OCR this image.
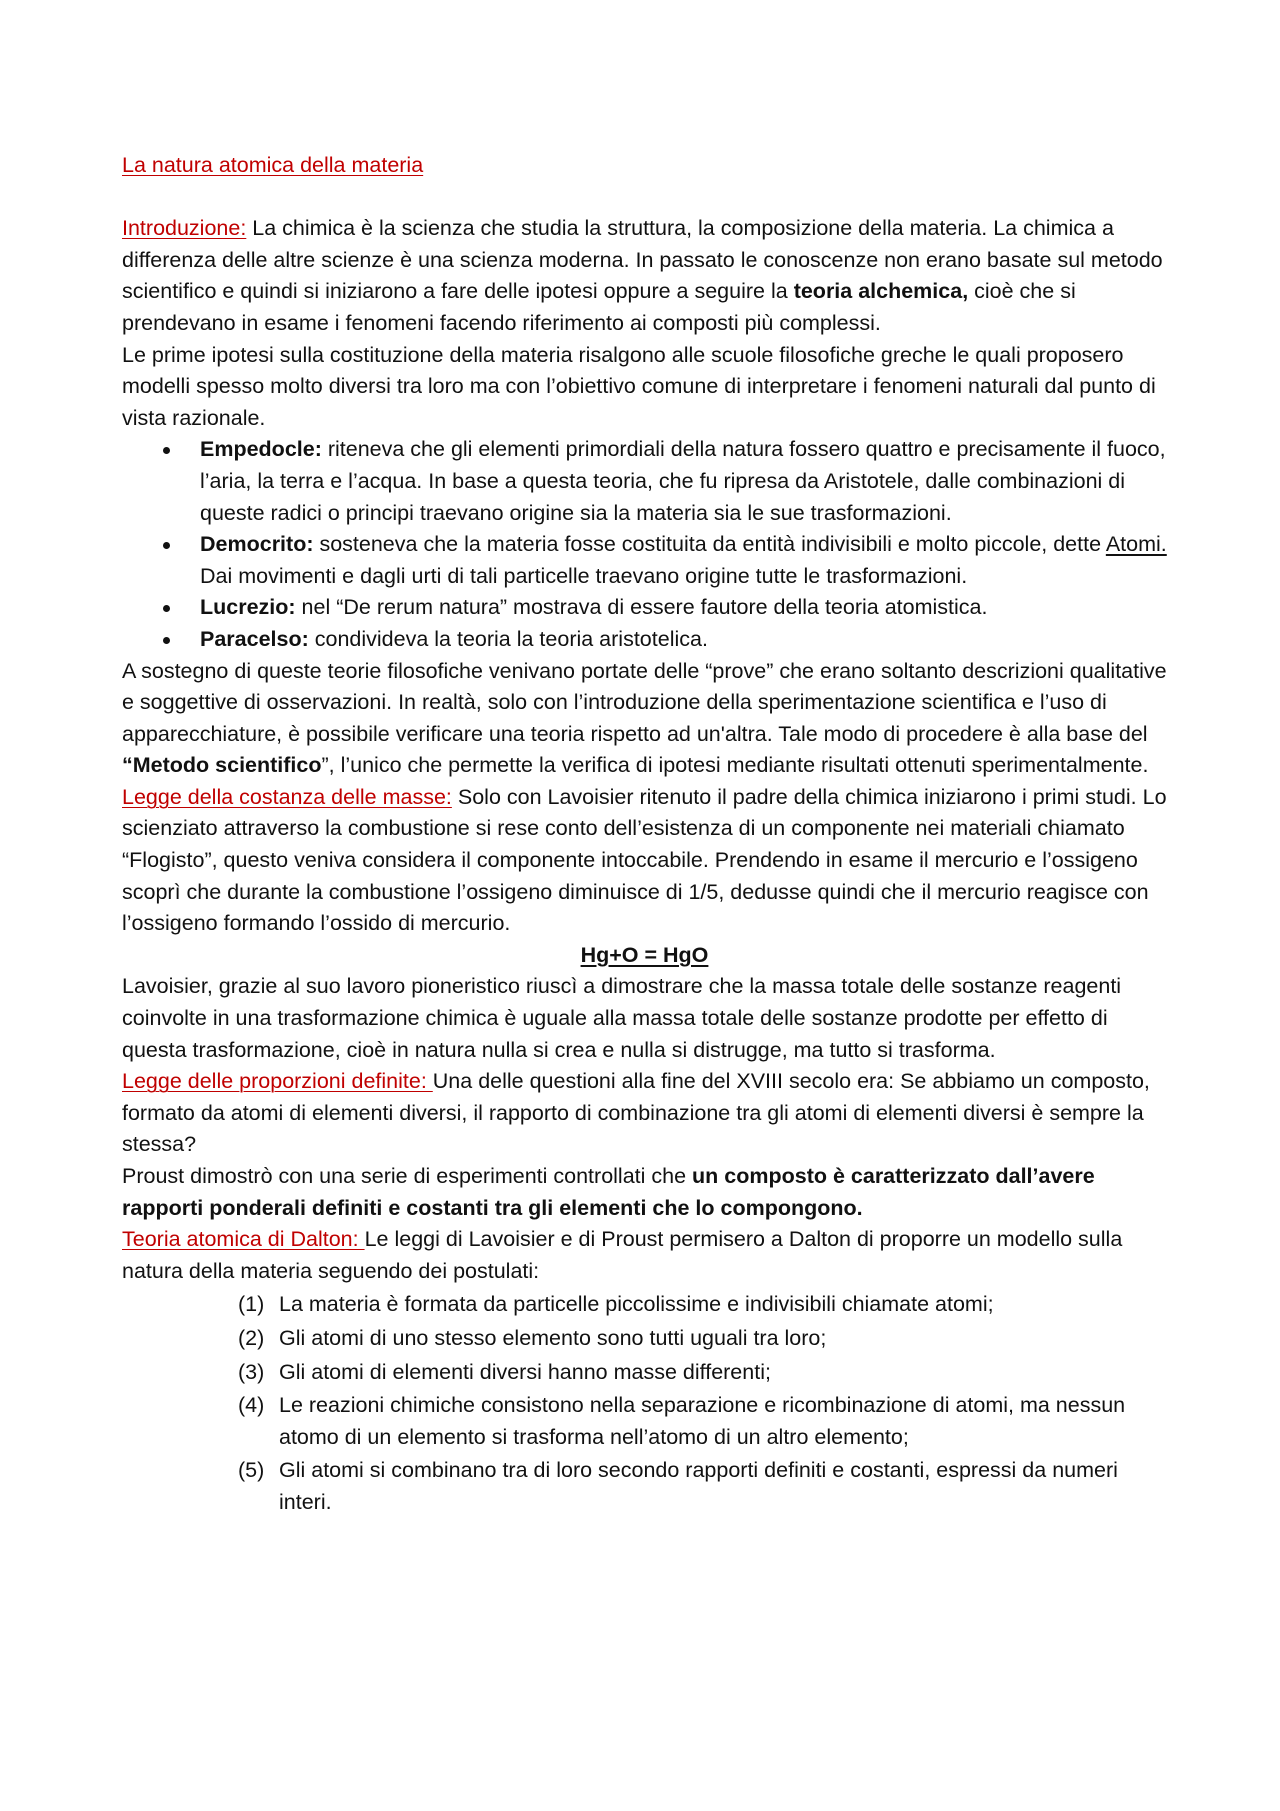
La natura atomica della materia

Introduzione: La chimica è la scienza che studia la struttura, la composizione della materia. La chimica a differenza delle altre scienze è una scienza moderna. In passato le conoscenze non erano basate sul metodo scientifico e quindi si iniziarono a fare delle ipotesi oppure a seguire la teoria alchemica, cioè che si prendevano in esame i fenomeni facendo riferimento ai composti più complessi.

Le prime ipotesi sulla costituzione della materia risalgono alle scuole filosofiche greche le quali proposero modelli spesso molto diversi tra loro ma con l’obiettivo comune di interpretare i fenomeni naturali dal punto di vista razionale.

Empedocle: riteneva che gli elementi primordiali della natura fossero quattro e precisamente il fuoco, l’aria, la terra e l’acqua. In base a questa teoria, che fu ripresa da Aristotele, dalle combinazioni di queste radici o principi traevano origine sia la materia sia le sue trasformazioni.
Democrito: sosteneva che la materia fosse costituita da entità indivisibili e molto piccole, dette Atomi. Dai movimenti e dagli urti di tali particelle traevano origine tutte le trasformazioni.
Lucrezio: nel “De rerum natura” mostrava di essere fautore della teoria atomistica.
Paracelso: condivideva la teoria la teoria aristotelica.

A sostegno di queste teorie filosofiche venivano portate delle “prove” che erano soltanto descrizioni qualitative e soggettive di osservazioni. In realtà, solo con l’introduzione della sperimentazione scientifica e l’uso di apparecchiature, è possibile verificare una teoria rispetto ad un'altra. Tale modo di procedere è alla base del “Metodo scientifico”, l’unico che permette la verifica di ipotesi mediante risultati ottenuti sperimentalmente.

Legge della costanza delle masse: Solo con Lavoisier ritenuto il padre della chimica iniziarono i primi studi. Lo scienziato attraverso la combustione si rese conto dell’esistenza di un componente nei materiali chiamato “Flogisto”, questo veniva considera il componente intoccabile. Prendendo in esame il mercurio e l’ossigeno scoprì che durante la combustione l’ossigeno diminuisce di 1/5, dedusse quindi che il mercurio reagisce con l’ossigeno formando l’ossido di mercurio.

Hg+O = HgO

Lavoisier, grazie al suo lavoro pioneristico riuscì a dimostrare che la massa totale delle sostanze reagenti coinvolte in una trasformazione chimica è uguale alla massa totale delle sostanze prodotte per effetto di questa trasformazione, cioè in natura nulla si crea e nulla si distrugge, ma tutto si trasforma.

Legge delle proporzioni definite: Una delle questioni alla fine del XVIII secolo era: Se abbiamo un composto, formato da atomi di elementi diversi, il rapporto di combinazione tra gli atomi di elementi diversi è sempre la stessa?

Proust dimostrò con una serie di esperimenti controllati che un composto è caratterizzato dall’avere rapporti ponderali definiti e costanti tra gli elementi che lo compongono.

Teoria atomica di Dalton: Le leggi di Lavoisier e di Proust permisero a Dalton di proporre un modello sulla natura della materia seguendo dei postulati:

(1) La materia è formata da particelle piccolissime e indivisibili chiamate atomi;
(2) Gli atomi di uno stesso elemento sono tutti uguali tra loro;
(3) Gli atomi di elementi diversi hanno masse differenti;
(4) Le reazioni chimiche consistono nella separazione e ricombinazione di atomi, ma nessun atomo di un elemento si trasforma nell’atomo di un altro elemento;
(5) Gli atomi si combinano tra di loro secondo rapporti definiti e costanti, espressi da numeri interi.
